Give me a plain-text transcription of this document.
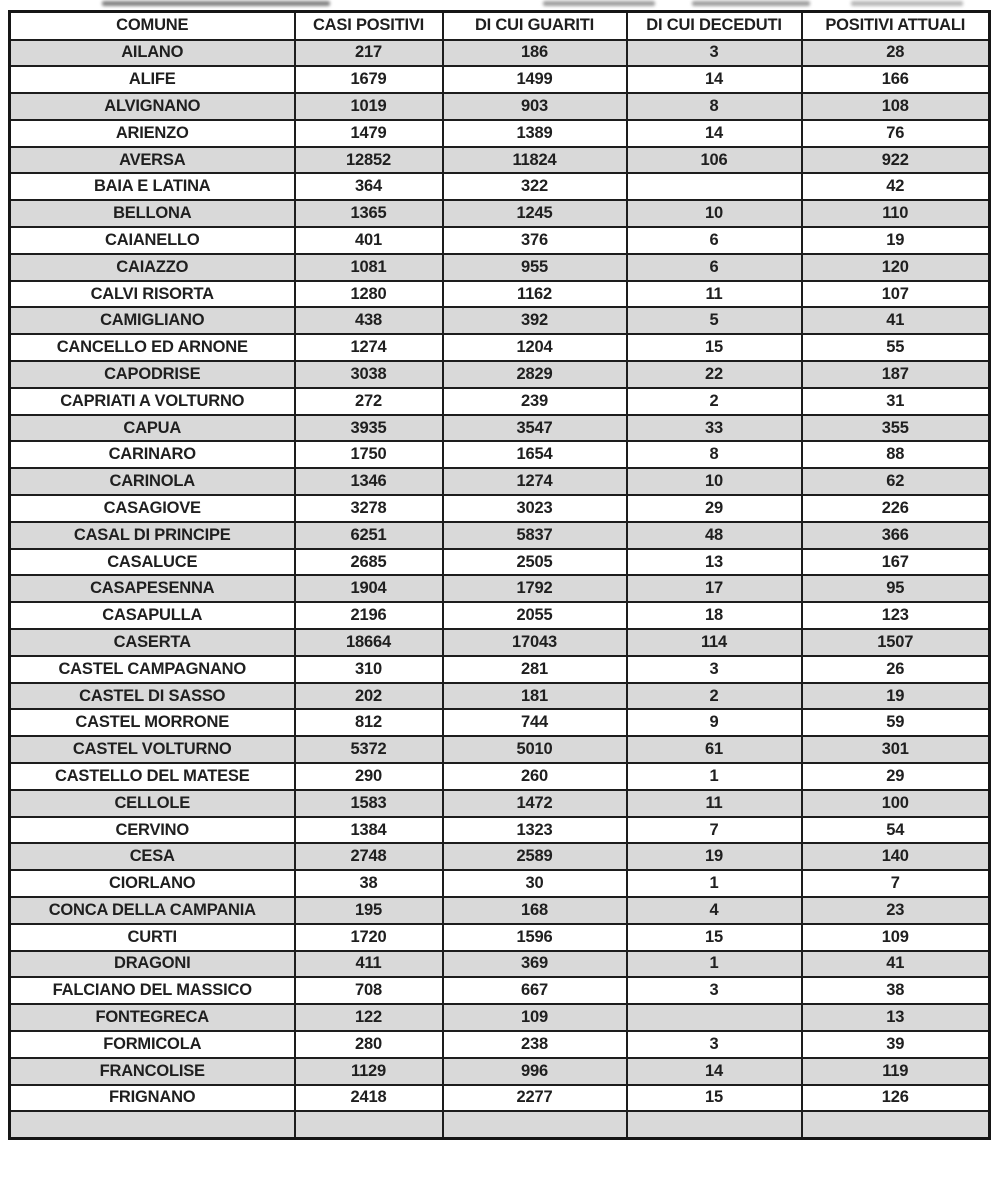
COMUNE	CASI POSITIVI	DI CUI GUARITI	DI CUI DECEDUTI	POSITIVI ATTUALI
AILANO	217	186	3	28
ALIFE	1679	1499	14	166
ALVIGNANO	1019	903	8	108
ARIENZO	1479	1389	14	76
AVERSA	12852	11824	106	922
BAIA E LATINA	364	322		42
BELLONA	1365	1245	10	110
CAIANELLO	401	376	6	19
CAIAZZO	1081	955	6	120
CALVI RISORTA	1280	1162	11	107
CAMIGLIANO	438	392	5	41
CANCELLO ED ARNONE	1274	1204	15	55
CAPODRISE	3038	2829	22	187
CAPRIATI A VOLTURNO	272	239	2	31
CAPUA	3935	3547	33	355
CARINARO	1750	1654	8	88
CARINOLA	1346	1274	10	62
CASAGIOVE	3278	3023	29	226
CASAL DI PRINCIPE	6251	5837	48	366
CASALUCE	2685	2505	13	167
CASAPESENNA	1904	1792	17	95
CASAPULLA	2196	2055	18	123
CASERTA	18664	17043	114	1507
CASTEL CAMPAGNANO	310	281	3	26
CASTEL DI SASSO	202	181	2	19
CASTEL MORRONE	812	744	9	59
CASTEL VOLTURNO	5372	5010	61	301
CASTELLO DEL MATESE	290	260	1	29
CELLOLE	1583	1472	11	100
CERVINO	1384	1323	7	54
CESA	2748	2589	19	140
CIORLANO	38	30	1	7
CONCA DELLA CAMPANIA	195	168	4	23
CURTI	1720	1596	15	109
DRAGONI	411	369	1	41
FALCIANO DEL MASSICO	708	667	3	38
FONTEGRECA	122	109		13
FORMICOLA	280	238	3	39
FRANCOLISE	1129	996	14	119
FRIGNANO	2418	2277	15	126
